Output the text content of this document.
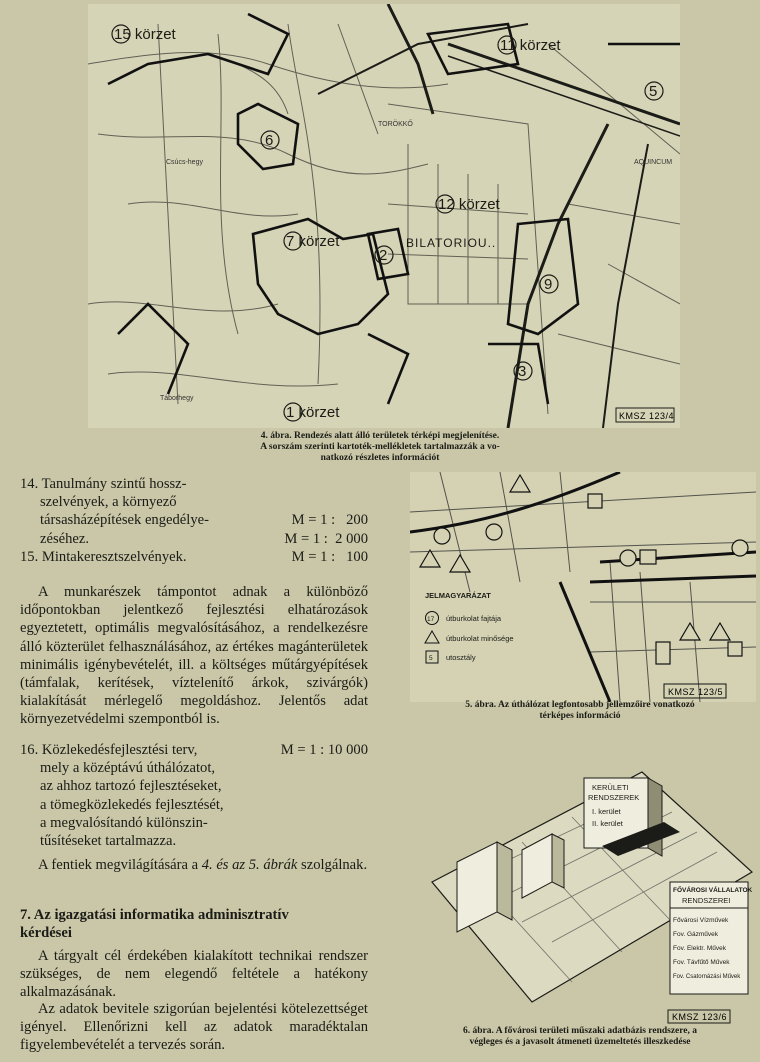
15 körzet
11 körzet
6
12 körzet
7 körzet
2
9
3
1 körzet
5
BILATORIOU..
Csúcs-hegy
Táborhegy
TORÖKKŐ
AQUINCUM
KMSZ 123/4
4. ábra. Rendezés alatt álló területek térképi megjelenítése.
A sorszám szerinti kartoték-mellékletek tartalmazzák a vo-
natkozó részletes információt
14. Tanulmány szintű hossz-
szelvények, a környező
társasházépítések engedélye-	M = 1 :   200
zéséhez.	M = 1 :  2 000
15. Mintakeresztszelvények.	M = 1 :   100

A munkarészek támpontot adnak a különböző időpontokban jelentkező fejlesztési elhatározások egyeztetett, optimális megvalósításához, a rendelkezésre álló közterület felhasználásához, az értékes magánterületek minimális igénybevételét, ill. a költséges műtárgyépítések (támfalak, kerítések, víztelenítő árkok, szivárgók) kialakítását mérlegelő megoldáshoz. Jelentős adat környezetvédelmi szempontból is.

16. Közlekedésfejlesztési terv,	M = 1 : 10 000
mely a középtávú úthálózatot,
az ahhoz tartozó fejlesztéseket,
a tömegközlekedés fejlesztését,
a megvalósítandó különszin-
tűsítéseket tartalmazza.

A fentiek megvilágítására a 4. és az 5. ábrák szolgálnak.

7. Az igazgatási informatika adminisztratív kérdései

A tárgyalt cél érdekében kialakított technikai rendszer szükséges, de nem elegendő feltétele a hatékony alkalmazásának.

Az adatok bevitele szigorúan bejelentési kötelezettséget igényel. Ellenőrizni kell az adatok maradéktalan figyelembevételét a tervezés során.

JELMAGYARÁZAT
17 útburkolat fajtája
útburkolat minősége
5 utosztály
KMSZ 123/5
5. ábra. Az úthálózat legfontosabb jellemzőire vonatkozó
térképes információ
KERÜLETI
RENDSZEREK
I. kerület
II. kerület
FŐVÁROSI VÁLLALATOK
RENDSZEREI
Fővárosi Vízművek
Fov. Gázművek
Fov. Elektr. Művek
Fov. Távfűtő Művek
Fov. Csatornázási Művek
KMSZ 123/6
6. ábra. A fővárosi területi műszaki adatbázis rendszere, a
végleges és a javasolt átmeneti üzemeltetés illeszkedése
